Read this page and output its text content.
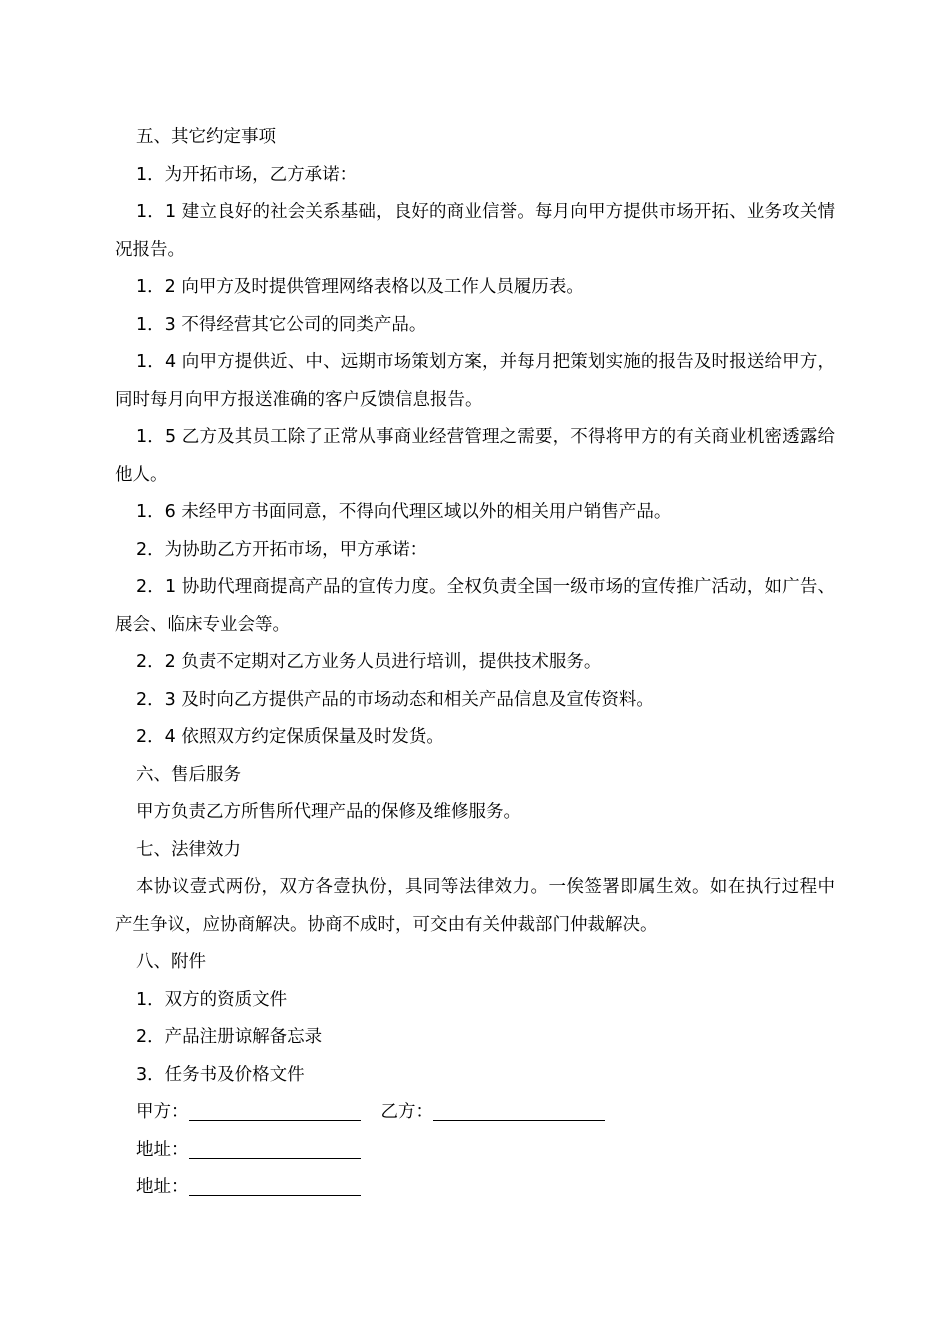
五、其它约定事项

1．为开拓市场，乙方承诺：

1．1 建立良好的社会关系基础，良好的商业信誉。每月向甲方提供市场开拓、业务攻关情况报告。

1．2 向甲方及时提供管理网络表格以及工作人员履历表。

1．3 不得经营其它公司的同类产品。

1．4 向甲方提供近、中、远期市场策划方案，并每月把策划实施的报告及时报送给甲方，同时每月向甲方报送准确的客户反馈信息报告。

1．5 乙方及其员工除了正常从事商业经营管理之需要，不得将甲方的有关商业机密透露给他人。

1．6 未经甲方书面同意，不得向代理区域以外的相关用户销售产品。

2．为协助乙方开拓市场，甲方承诺：

2．1 协助代理商提高产品的宣传力度。全权负责全国一级市场的宣传推广活动，如广告、展会、临床专业会等。

2．2 负责不定期对乙方业务人员进行培训，提供技术服务。

2．3 及时向乙方提供产品的市场动态和相关产品信息及宣传资料。

2．4 依照双方约定保质保量及时发货。

六、售后服务

甲方负责乙方所售所代理产品的保修及维修服务。

七、法律效力

本协议壹式两份，双方各壹执份，具同等法律效力。一俟签署即属生效。如在执行过程中产生争议，应协商解决。协商不成时，可交由有关仲裁部门仲裁解决。

八、附件

1．双方的资质文件

2．产品注册谅解备忘录

3．任务书及价格文件

甲方：	乙方：
地址：
地址：
